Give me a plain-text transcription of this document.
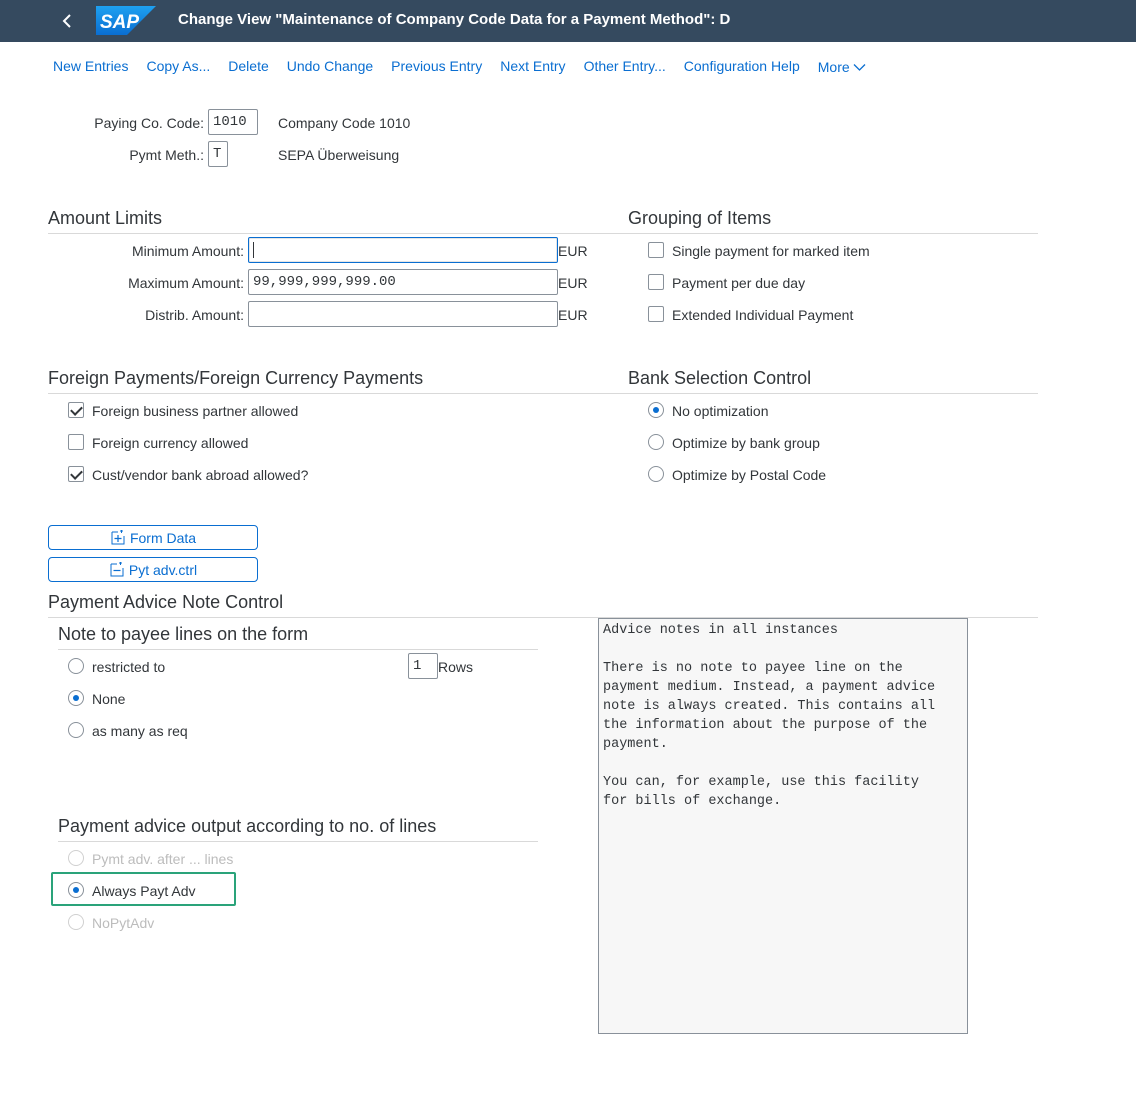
SAP	Change View "Maintenance of Company Code Data for a Payment Method": D
New Entries Copy As... Delete Undo Change Previous Entry Next Entry Other Entry... Configuration Help More
Paying Co. Code: 1010	Company Code 1010
Pymt Meth.: T	SEPA Überweisung
Amount Limits
Minimum Amount:	EUR
Maximum Amount: 99,999,999,999.00	EUR
Distrib. Amount:	EUR
Grouping of Items
Single payment for marked item
Payment per due day
Extended Individual Payment
Foreign Payments/Foreign Currency Payments
Foreign business partner allowed
Foreign currency allowed
Cust/vendor bank abroad allowed?
Bank Selection Control
No optimization
Optimize by bank group
Optimize by Postal Code
Form Data
Pyt adv.ctrl
Payment Advice Note Control
Note to payee lines on the form
restricted to	1	Rows
None
as many as req
Payment advice output according to no. of lines
Pymt adv. after ... lines
Always Payt Adv
NoPytAdv
Advice notes in all instances

There is no note to payee line on the
payment medium. Instead, a payment advice
note is always created. This contains all
the information about the purpose of the
payment.

You can, for example, use this facility
for bills of exchange.
